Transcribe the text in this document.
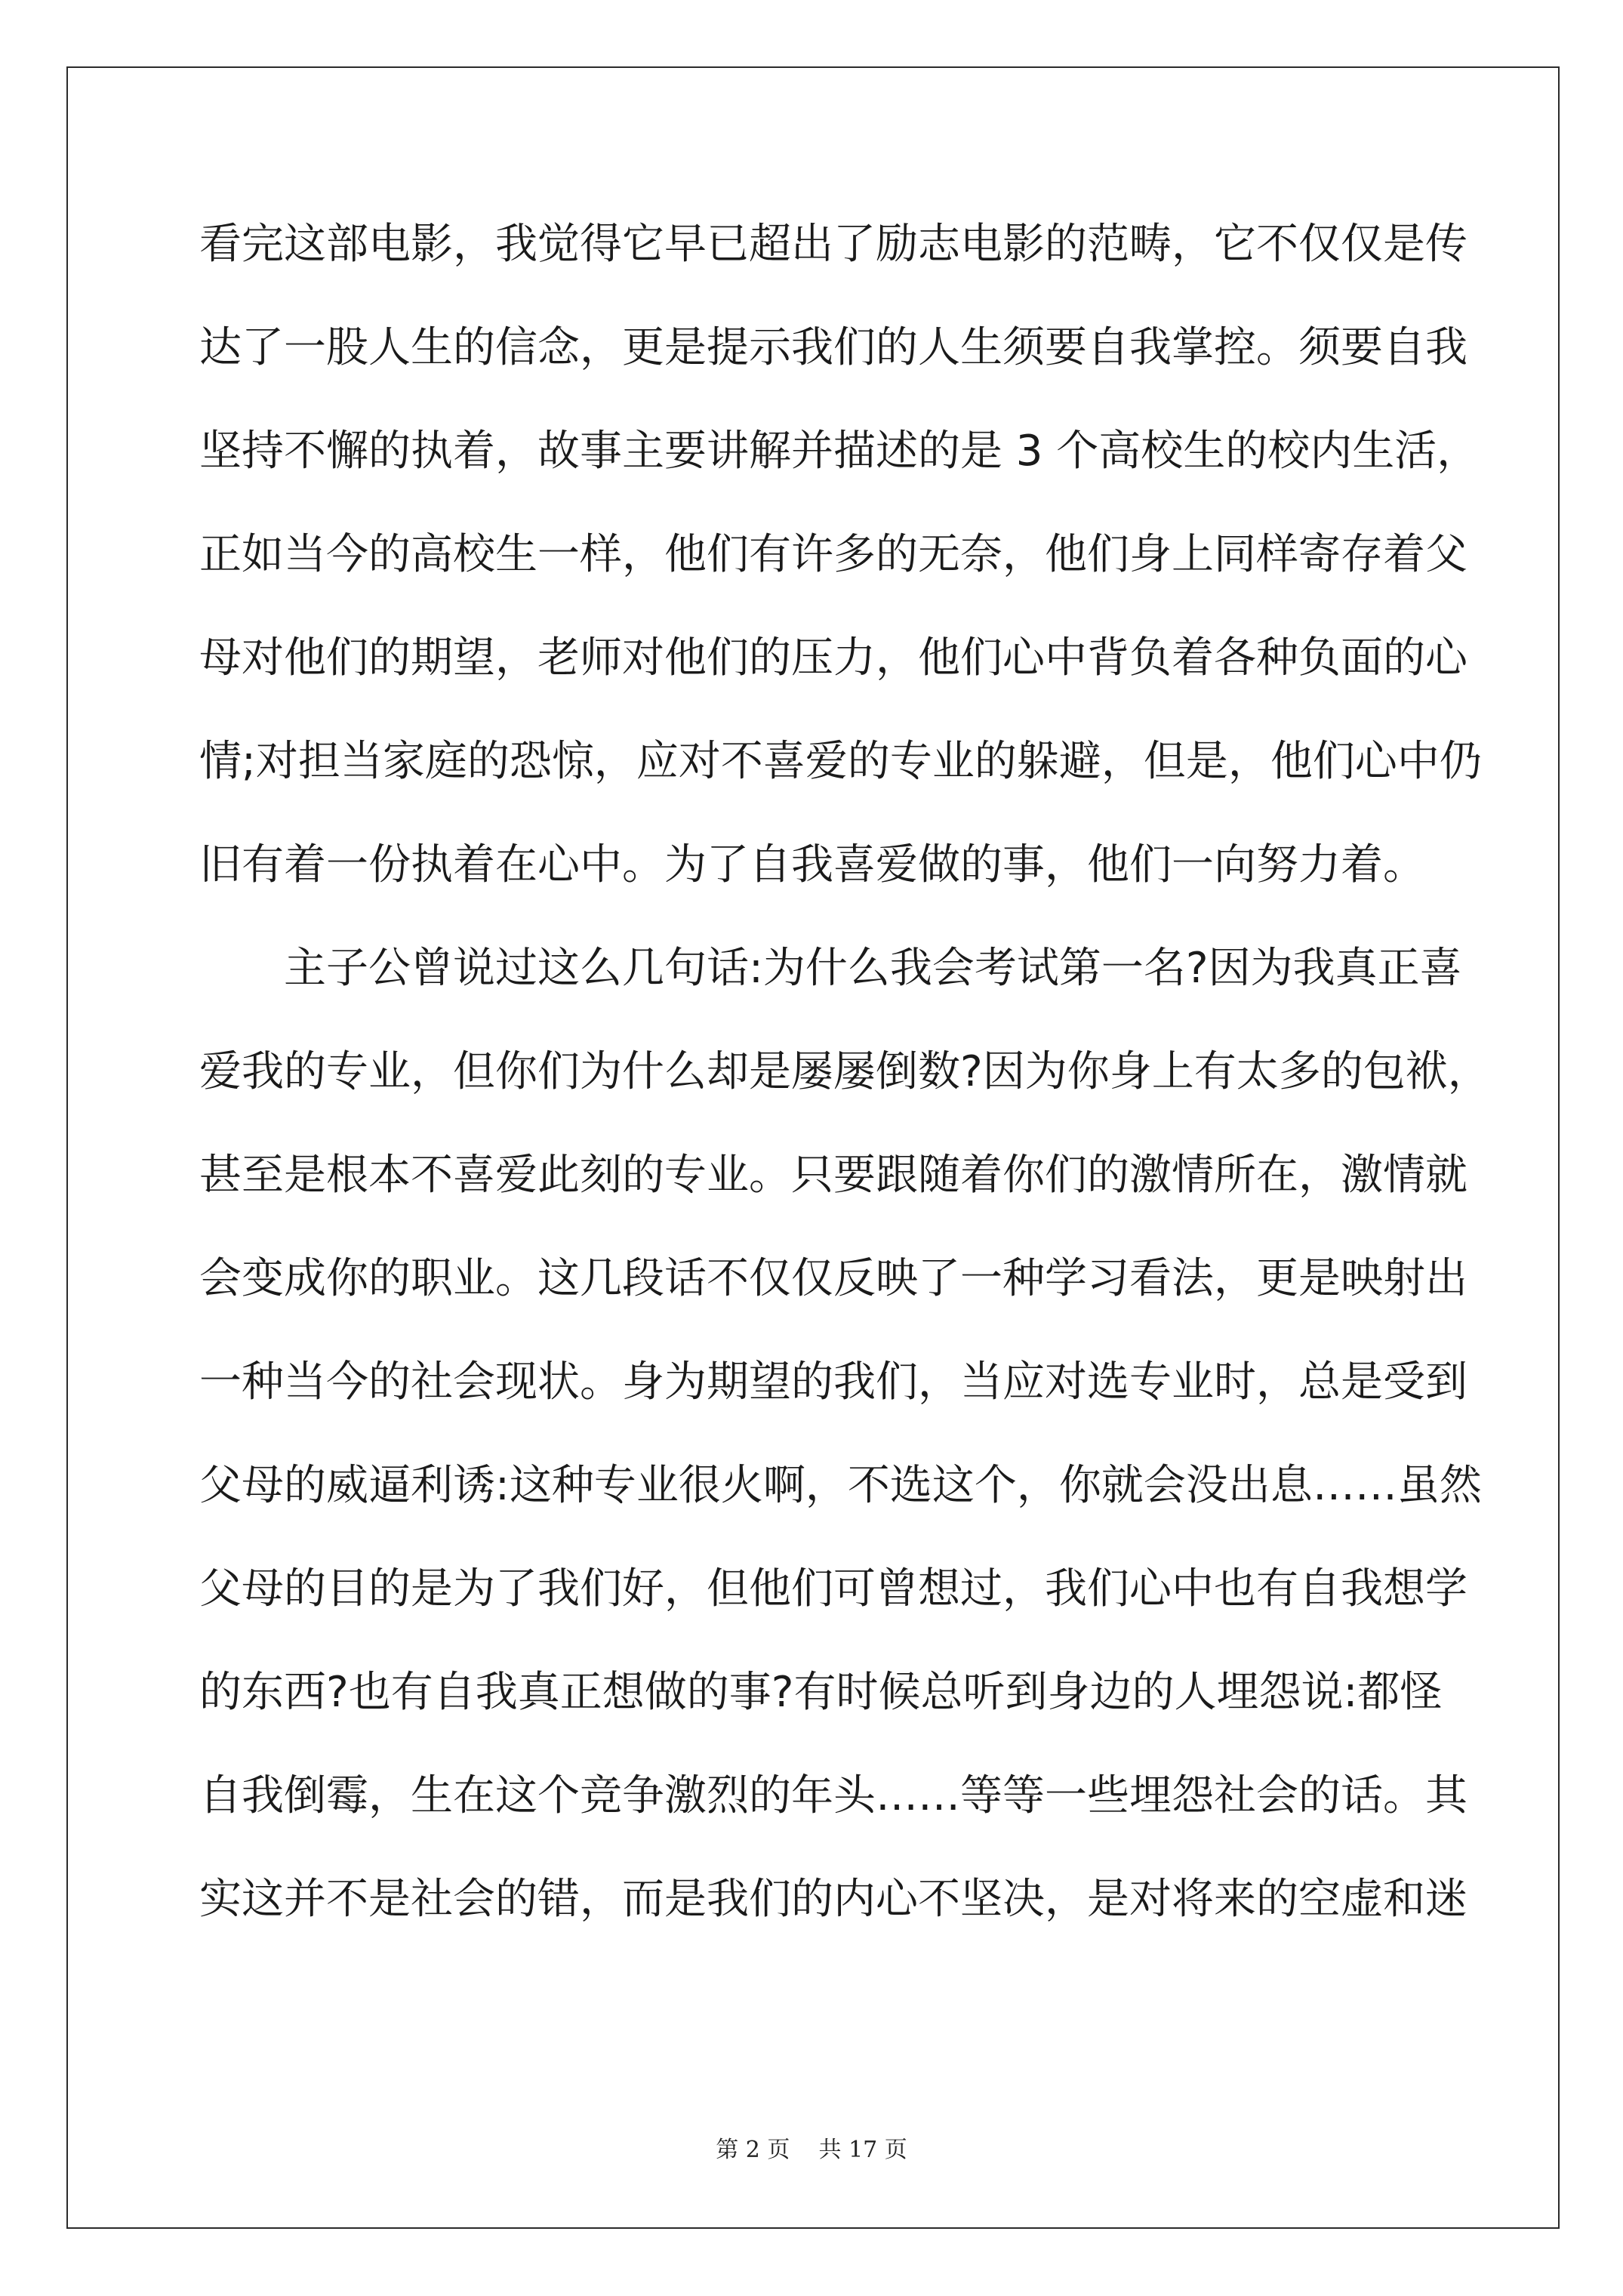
看完这部电影，我觉得它早已超出了励志电影的范畴，它不仅仅是传
达了一股人生的信念，更是提示我们的人生须要自我掌控。须要自我
坚持不懈的执着，故事主要讲解并描述的是 3 个高校生的校内生活，
正如当今的高校生一样，他们有许多的无奈，他们身上同样寄存着父
母对他们的期望，老师对他们的压力，他们心中背负着各种负面的心
情;对担当家庭的恐惊，应对不喜爱的专业的躲避，但是，他们心中仍
旧有着一份执着在心中。为了自我喜爱做的事，他们一向努力着。
　　主子公曾说过这么几句话:为什么我会考试第一名?因为我真正喜
爱我的专业，但你们为什么却是屡屡倒数?因为你身上有太多的包袱，
甚至是根本不喜爱此刻的专业。只要跟随着你们的激情所在，激情就
会变成你的职业。这几段话不仅仅反映了一种学习看法，更是映射出
一种当今的社会现状。身为期望的我们，当应对选专业时，总是受到
父母的威逼利诱:这种专业很火啊，不选这个，你就会没出息……虽然
父母的目的是为了我们好，但他们可曾想过，我们心中也有自我想学
的东西?也有自我真正想做的事?有时候总听到身边的人埋怨说:都怪
自我倒霉，生在这个竞争激烈的年头……等等一些埋怨社会的话。其
实这并不是社会的错，而是我们的内心不坚决，是对将来的空虚和迷
第 2 页 共 17 页
